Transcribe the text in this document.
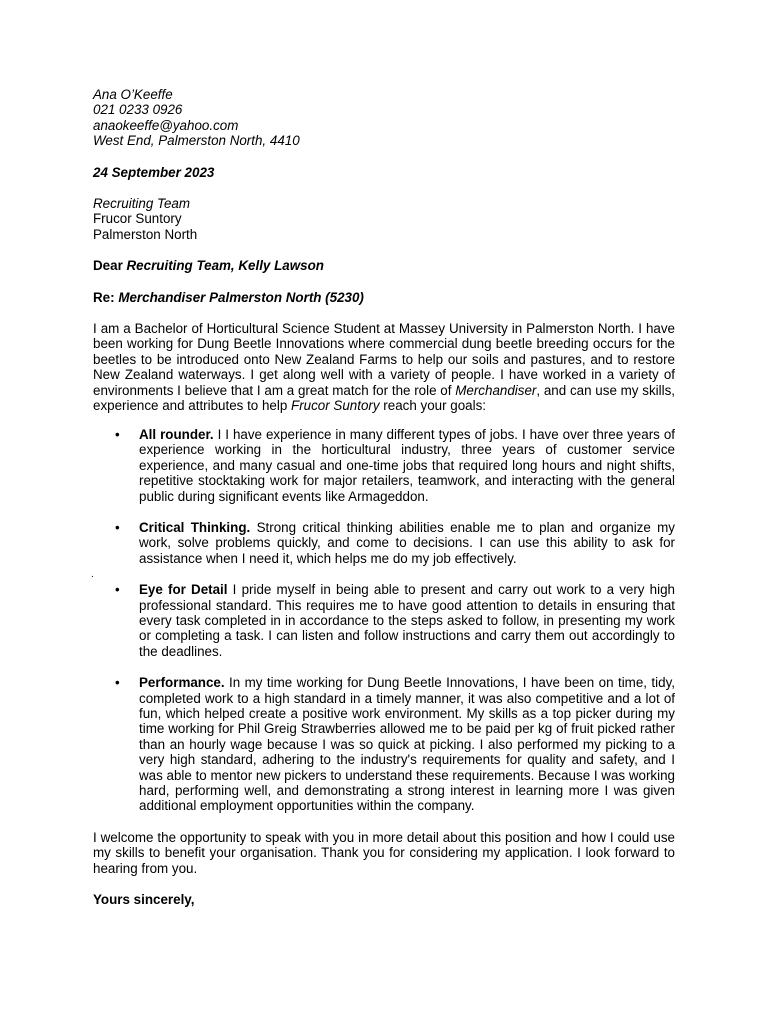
Ana O’Keeffe
021 0233 0926
anaokeeffe@yahoo.com
West End, Palmerston North, 4410
24 September 2023
Recruiting Team
Frucor Suntory
Palmerston North
Dear Recruiting Team, Kelly Lawson
Re: Merchandiser Palmerston North (5230)

I am a Bachelor of Horticultural Science Student at Massey University in Palmerston North. I have been working for Dung Beetle Innovations where commercial dung beetle breeding occurs for the beetles to be introduced onto New Zealand Farms to help our soils and pastures, and to restore New Zealand waterways. I get along well with a variety of people. I have worked in a variety of environments I believe that I am a great match for the role of Merchandiser, and can use my skills, experience and attributes to help Frucor Suntory reach your goals:

• All rounder. I I have experience in many different types of jobs. I have over three years of experience working in the horticultural industry, three years of customer service experience, and many casual and one-time jobs that required long hours and night shifts, repetitive stocktaking work for major retailers, teamwork, and interacting with the general public during significant events like Armageddon.
• Critical Thinking. Strong critical thinking abilities enable me to plan and organize my work, solve problems quickly, and come to decisions. I can use this ability to ask for assistance when I need it, which helps me do my job effectively.
.
• Eye for Detail I pride myself in being able to present and carry out work to a very high professional standard. This requires me to have good attention to details in ensuring that every task completed in in accordance to the steps asked to follow, in presenting my work or completing a task. I can listen and follow instructions and carry them out accordingly to the deadlines.
• Performance. In my time working for Dung Beetle Innovations, I have been on time, tidy, completed work to a high standard in a timely manner, it was also competitive and a lot of fun, which helped create a positive work environment. My skills as a top picker during my time working for Phil Greig Strawberries allowed me to be paid per kg of fruit picked rather than an hourly wage because I was so quick at picking. I also performed my picking to a very high standard, adhering to the industry's requirements for quality and safety, and I was able to mentor new pickers to understand these requirements. Because I was working hard, performing well, and demonstrating a strong interest in learning more I was given additional employment opportunities within the company.

I welcome the opportunity to speak with you in more detail about this position and how I could use my skills to benefit your organisation. Thank you for considering my application. I look forward to hearing from you.

Yours sincerely,
